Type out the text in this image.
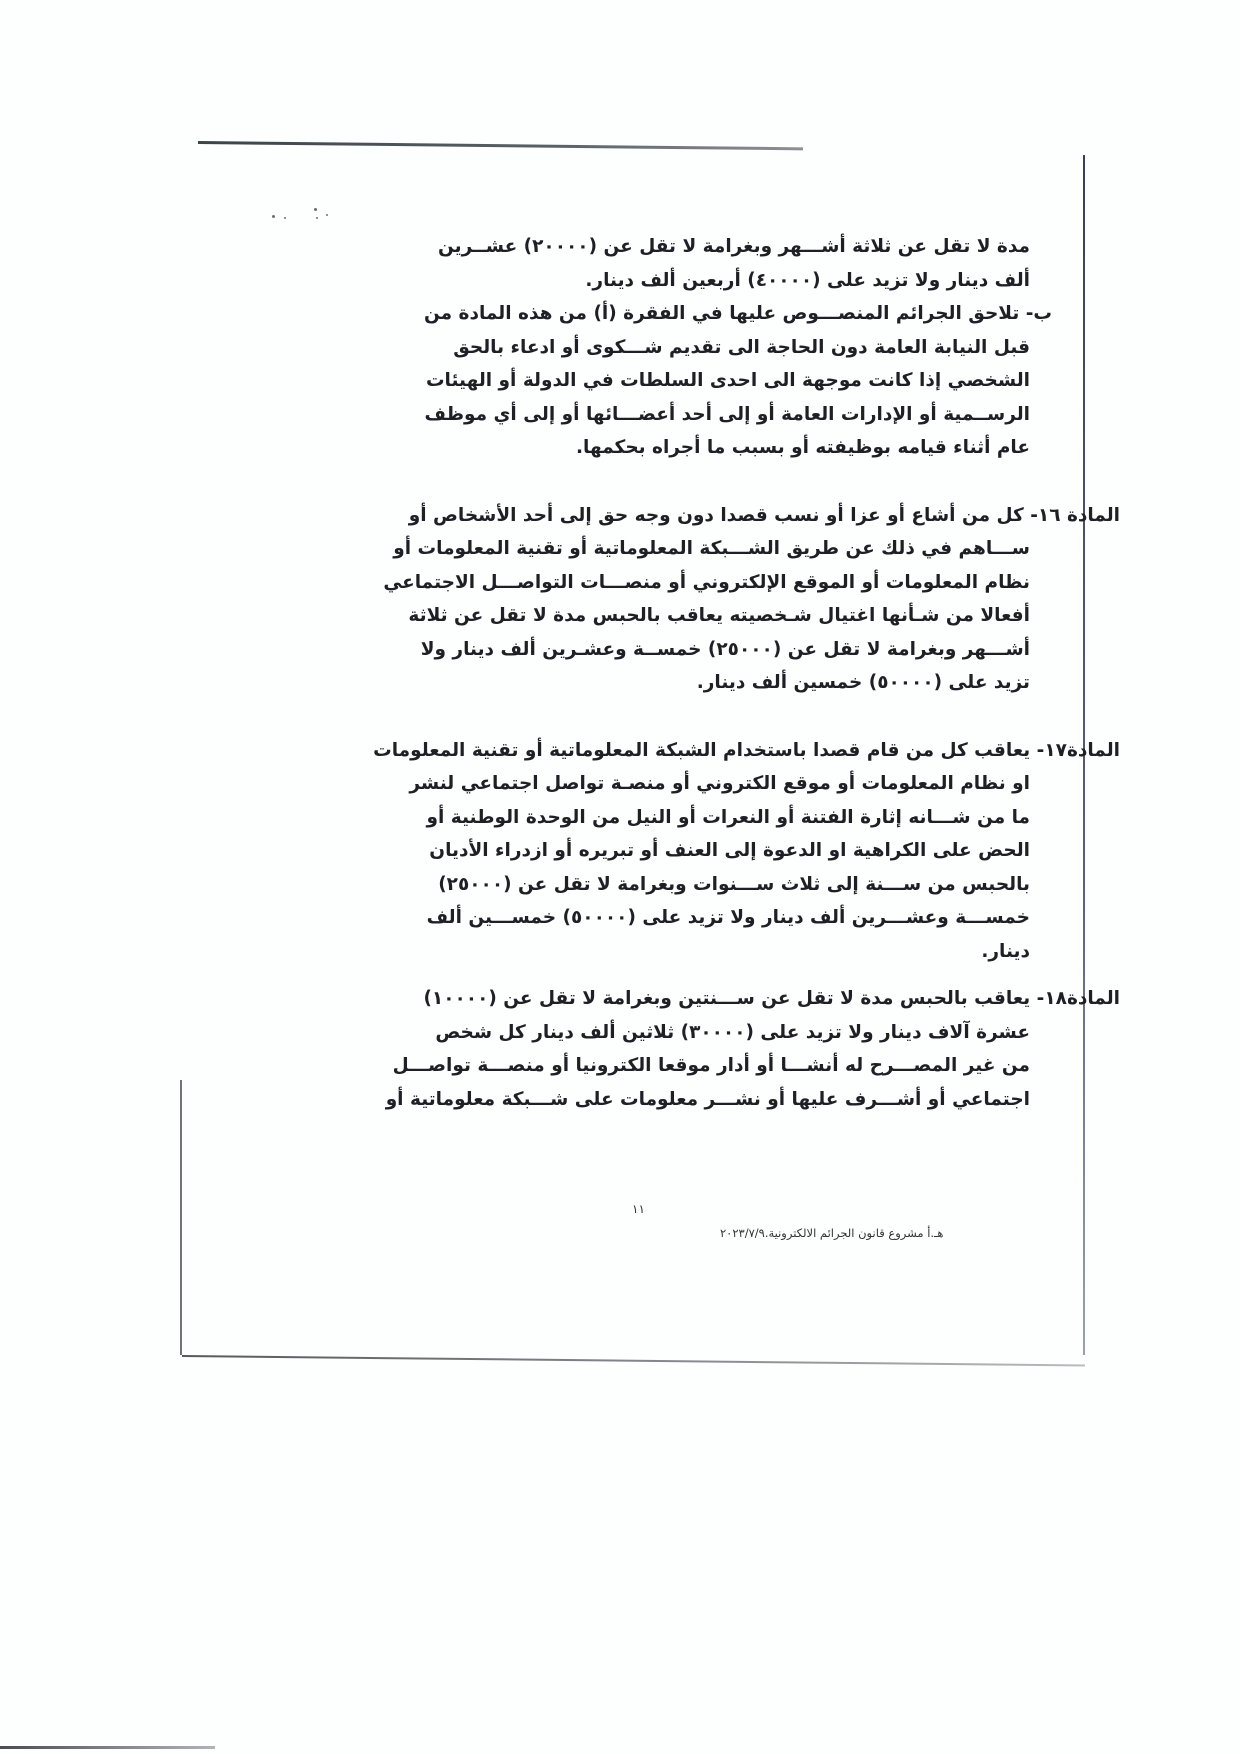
مدة لا تقل عن ثلاثة أشـــهر وبغرامة لا تقل عن (٢٠٠٠٠) عشــرين
ألف دينار ولا تزيد على (٤٠٠٠٠) أربعين ألف دينار.

ب- تلاحق الجرائم المنصـــوص عليها في الفقرة (أ) من هذه المادة من
قبل النيابة العامة دون الحاجة الى تقديم شـــكوى أو ادعاء بالحق
الشخصي إذا كانت موجهة الى احدى السلطات في الدولة أو الهيئات
الرســمية أو الإدارات العامة أو إلى أحد أعضـــائها أو إلى أي موظف
عام أثناء قيامه بوظيفته أو بسبب ما أجراه بحكمها.

المادة ١٦- كل من أشاع أو عزا أو نسب قصدا دون وجه حق إلى أحد الأشخاص أو
ســـاهم في ذلك عن طريق الشـــبكة المعلوماتية أو تقنية المعلومات أو
نظام المعلومات أو الموقع الإلكتروني أو منصـــات التواصـــل الاجتماعي
أفعالا من شـأنها اغتيال شـخصيته يعاقب بالحبس مدة لا تقل عن ثلاثة
أشـــهر وبغرامة لا تقل عن (٢٥٠٠٠) خمســة وعشـرين ألف دينار ولا
تزيد على (٥٠٠٠٠) خمسين ألف دينار.

المادة١٧- يعاقب كل من قام قصدا باستخدام الشبكة المعلوماتية أو تقنية المعلومات
او نظام المعلومات أو موقع الكتروني أو منصـة تواصل اجتماعي لنشر
ما من شـــانه إثارة الفتنة أو النعرات أو النيل من الوحدة الوطنية أو
الحض على الكراهية او الدعوة إلى العنف أو تبريره أو ازدراء الأديان
بالحبس من ســـنة إلى ثلاث ســـنوات وبغرامة لا تقل عن (٢٥٠٠٠)
خمســـة وعشـــرين ألف دينار ولا تزيد على (٥٠٠٠٠) خمســـين ألف
دينار.

المادة١٨- يعاقب بالحبس مدة لا تقل عن ســـنتين وبغرامة لا تقل عن (١٠٠٠٠)
عشرة آلاف دينار ولا تزيد على (٣٠٠٠٠) ثلاثين ألف دينار كل شخص
من غير المصـــرح له أنشـــا أو أدار موقعا الكترونيا أو منصـــة تواصـــل
اجتماعي أو أشـــرف عليها أو نشـــر معلومات على شـــبكة معلوماتية أو

١١
هـ.أ مشروع قانون الجرائم الالكترونية.٢٠٢٣/٧/٩
